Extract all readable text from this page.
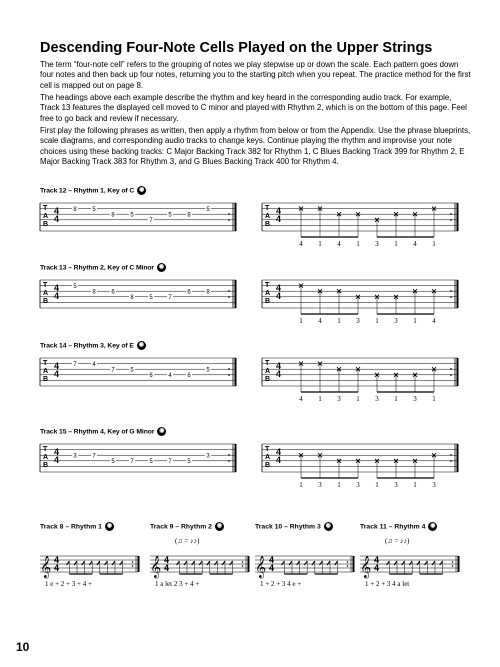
Descending Four-Note Cells Played on the Upper Strings

The term “four-note cell” refers to the grouping of notes we play stepwise up or down the scale. Each pattern goes down four notes and then back up four notes, returning you to the starting pitch when you repeat. The practice method for the first cell is mapped out on page 8.

The headings above each example describe the rhythm and key heard in the corresponding audio track. For example, Track 13 features the displayed cell moved to C minor and played with Rhythm 2, which is on the bottom of this page. Feel free to go back and review if necessary.

First play the following phrases as written, then apply a rhythm from below or from the Appendix. Use the phrase blueprints, scale diagrams, and corresponding audio tracks to change keys. Continue playing the rhythm and improvise your note choices using these backing tracks: C Major Backing Track 382 for Rhythm 1, C Blues Backing Track 399 for Rhythm 2, E Major Backing Track 383 for Rhythm 3, and G Blues Backing Track 400 for Rhythm 4.

Track 12 – Rhythm 1, Key of C ◉
T
A
B
4
4
8	5
8	5
7
5	8
5	T
A
B
4
4
4 1 4 1 3 1 4 1
Track 13 – Rhythm 2, Key of C Minor ◉
T
A
B
4
4
5
8	6
8	5	7
6	8
T
A
B
4
4
1 4 1 3 1 3 1 4
Track 14 – Rhythm 3, Key of E ◉
T
A
B
4
4
7	4
7	5
6	4	6
5
T
A
B
4
4
4 1 3 1 3 1 3 1
Track 15 – Rhythm 4, Key of G Minor ◉
T
A
B
4
4 3	7
5	7	5	7	5
3
T
A
B
4
4
1 3 1 3 1 3 1 3
Track 8 – Rhythm 1 ◉
𝄞 4
4
1 e + 2 + 3 + 4 +
Track 9 – Rhythm 2 ◉
(♫ = ♪♪)
𝄞 4
4
1 a let 2 3 + 4 +
Track 10 – Rhythm 3 ◉
𝄞 4
4
1 + 2 + 3 4 e +
Track 11 – Rhythm 4 ◉
(♫ = ♪♪)
𝄞 4
4
1 + 2 + 3 4 a let
10
